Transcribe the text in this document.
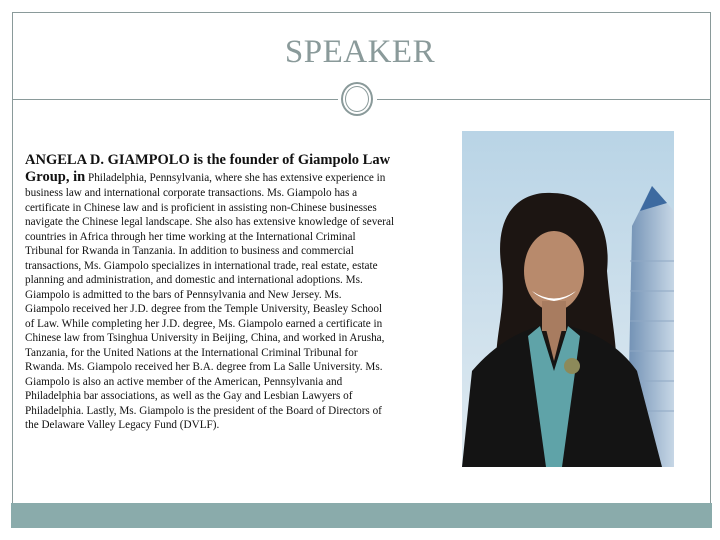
SPEAKER
ANGELA D. GIAMPOLO is the founder of Giampolo Law
Group, in Philadelphia, Pennsylvania, where she has extensive experience in
business law and international corporate transactions. Ms. Giampolo has a
certificate in Chinese law and is proficient in assisting non-Chinese businesses
navigate the Chinese legal landscape. She also has extensive knowledge of several
countries in Africa through her time working at the International Criminal
Tribunal for Rwanda in Tanzania. In addition to business and commercial
transactions, Ms. Giampolo specializes in international trade, real estate, estate
planning and administration, and domestic and international adoptions. Ms.
Giampolo is admitted to the bars of Pennsylvania and New Jersey. Ms.
Giampolo received her J.D. degree from the Temple University, Beasley School
of Law. While completing her J.D. degree, Ms. Giampolo earned a certificate in
Chinese law from Tsinghua University in Beijing, China, and worked in Arusha,
Tanzania, for the United Nations at the International Criminal Tribunal for
Rwanda. Ms. Giampolo received her B.A. degree from La Salle University. Ms.
Giampolo is also an active member of the American, Pennsylvania and
Philadelphia bar associations, as well as the Gay and Lesbian Lawyers of
Philadelphia. Lastly, Ms. Giampolo is the president of the Board of Directors of
the Delaware Valley Legacy Fund (DVLF).
